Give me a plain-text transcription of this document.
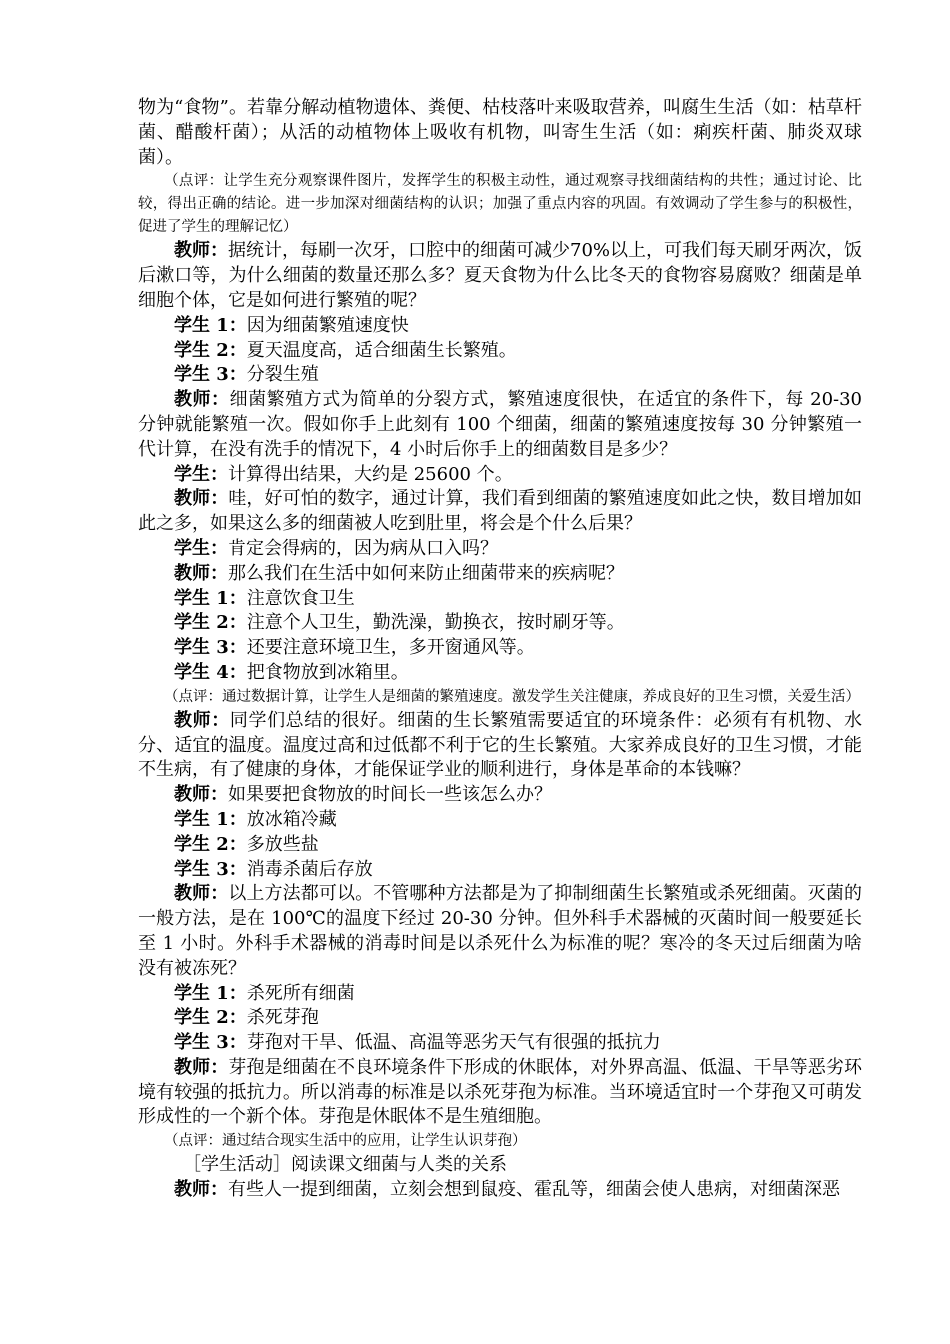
物为“食物”。若靠分解动植物遗体、粪便、枯枝落叶来吸取营养，叫腐生生活（如：枯草杆菌、醋酸杆菌）；从活的动植物体上吸收有机物，叫寄生生活（如：痢疾杆菌、肺炎双球菌）。

（点评：让学生充分观察课件图片，发挥学生的积极主动性，通过观察寻找细菌结构的共性；通过讨论、比较，得出正确的结论。进一步加深对细菌结构的认识；加强了重点内容的巩固。有效调动了学生参与的积极性，促进了学生的理解记忆）

教师：据统计，每刷一次牙，口腔中的细菌可减少70%以上，可我们每天刷牙两次，饭后漱口等，为什么细菌的数量还那么多？夏天食物为什么比冬天的食物容易腐败？细菌是单细胞个体，它是如何进行繁殖的呢？

学生 1：因为细菌繁殖速度快

学生 2：夏天温度高，适合细菌生长繁殖。

学生 3：分裂生殖

教师：细菌繁殖方式为简单的分裂方式，繁殖速度很快，在适宜的条件下，每 20-30 分钟就能繁殖一次。假如你手上此刻有 100 个细菌，细菌的繁殖速度按每 30 分钟繁殖一代计算，在没有洗手的情况下，4 小时后你手上的细菌数目是多少？

学生：计算得出结果，大约是 25600 个。

教师：哇，好可怕的数字，通过计算，我们看到细菌的繁殖速度如此之快，数目增加如此之多，如果这么多的细菌被人吃到肚里，将会是个什么后果？

学生：肯定会得病的，因为病从口入吗？

教师：那么我们在生活中如何来防止细菌带来的疾病呢？

学生 1：注意饮食卫生

学生 2：注意个人卫生，勤洗澡，勤换衣，按时刷牙等。

学生 3：还要注意环境卫生，多开窗通风等。

学生 4：把食物放到冰箱里。

（点评：通过数据计算，让学生人是细菌的繁殖速度。激发学生关注健康，养成良好的卫生习惯，关爱生活）

教师：同学们总结的很好。细菌的生长繁殖需要适宜的环境条件：必须有有机物、水分、适宜的温度。温度过高和过低都不利于它的生长繁殖。大家养成良好的卫生习惯，才能不生病，有了健康的身体，才能保证学业的顺利进行，身体是革命的本钱嘛？

教师：如果要把食物放的时间长一些该怎么办？

学生 1：放冰箱冷藏

学生 2：多放些盐

学生 3：消毒杀菌后存放

教师：以上方法都可以。不管哪种方法都是为了抑制细菌生长繁殖或杀死细菌。灭菌的一般方法，是在 100℃的温度下经过 20-30 分钟。但外科手术器械的灭菌时间一般要延长至 1 小时。外科手术器械的消毒时间是以杀死什么为标准的呢？寒冷的冬天过后细菌为啥没有被冻死？

学生 1：杀死所有细菌

学生 2：杀死芽孢

学生 3：芽孢对干旱、低温、高温等恶劣天气有很强的抵抗力

教师：芽孢是细菌在不良环境条件下形成的休眠体，对外界高温、低温、干旱等恶劣环境有较强的抵抗力。所以消毒的标准是以杀死芽孢为标准。当环境适宜时一个芽孢又可萌发形成性的一个新个体。芽孢是休眠体不是生殖细胞。

（点评：通过结合现实生活中的应用，让学生认识芽孢）

［学生活动］阅读课文细菌与人类的关系

教师：有些人一提到细菌，立刻会想到鼠疫、霍乱等，细菌会使人患病，对细菌深恶
